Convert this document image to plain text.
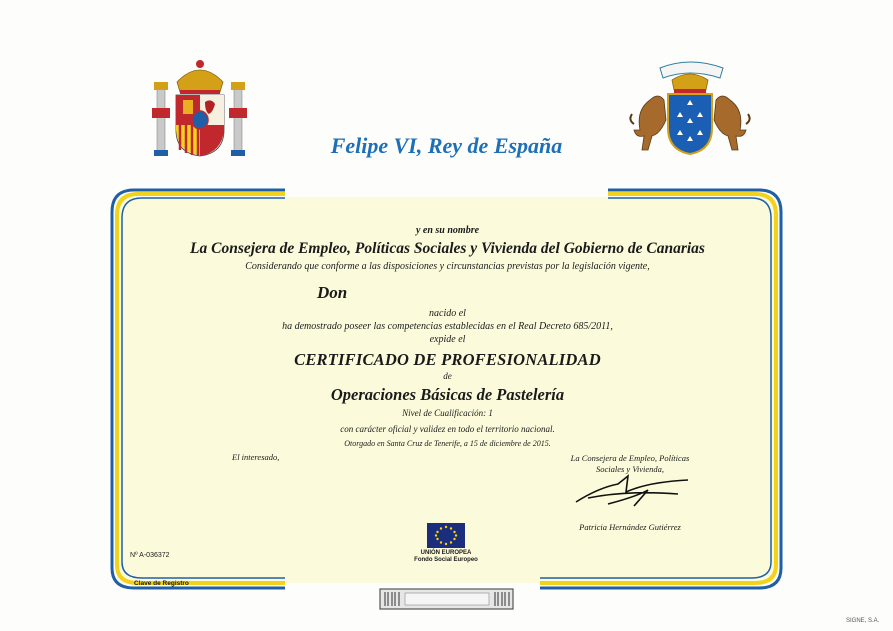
Felipe VI, Rey de España
y en su nombre
La Consejera de Empleo, Políticas Sociales y Vivienda del Gobierno de Canarias
Considerando que conforme a las disposiciones y circunstancias previstas por la legislación vigente,
Don
nacido el
ha demostrado poseer las competencias establecidas en el Real Decreto 685/2011,
expide el
CERTIFICADO DE PROFESIONALIDAD
de
Operaciones Básicas de Pastelería
Nivel de Cualificación: 1
con carácter oficial y validez en todo el territorio nacional.
Otorgado en Santa Cruz de Tenerife, a 15 de diciembre de 2015.
El interesado,	La Consejera de Empleo, Políticas
Sociales y Vivienda,
Patricia Hernández Gutiérrez
Nº A-036372
Clave de Registro
UNIÓN EUROPEA
Fondo Social Europeo
SIGNE, S.A.
